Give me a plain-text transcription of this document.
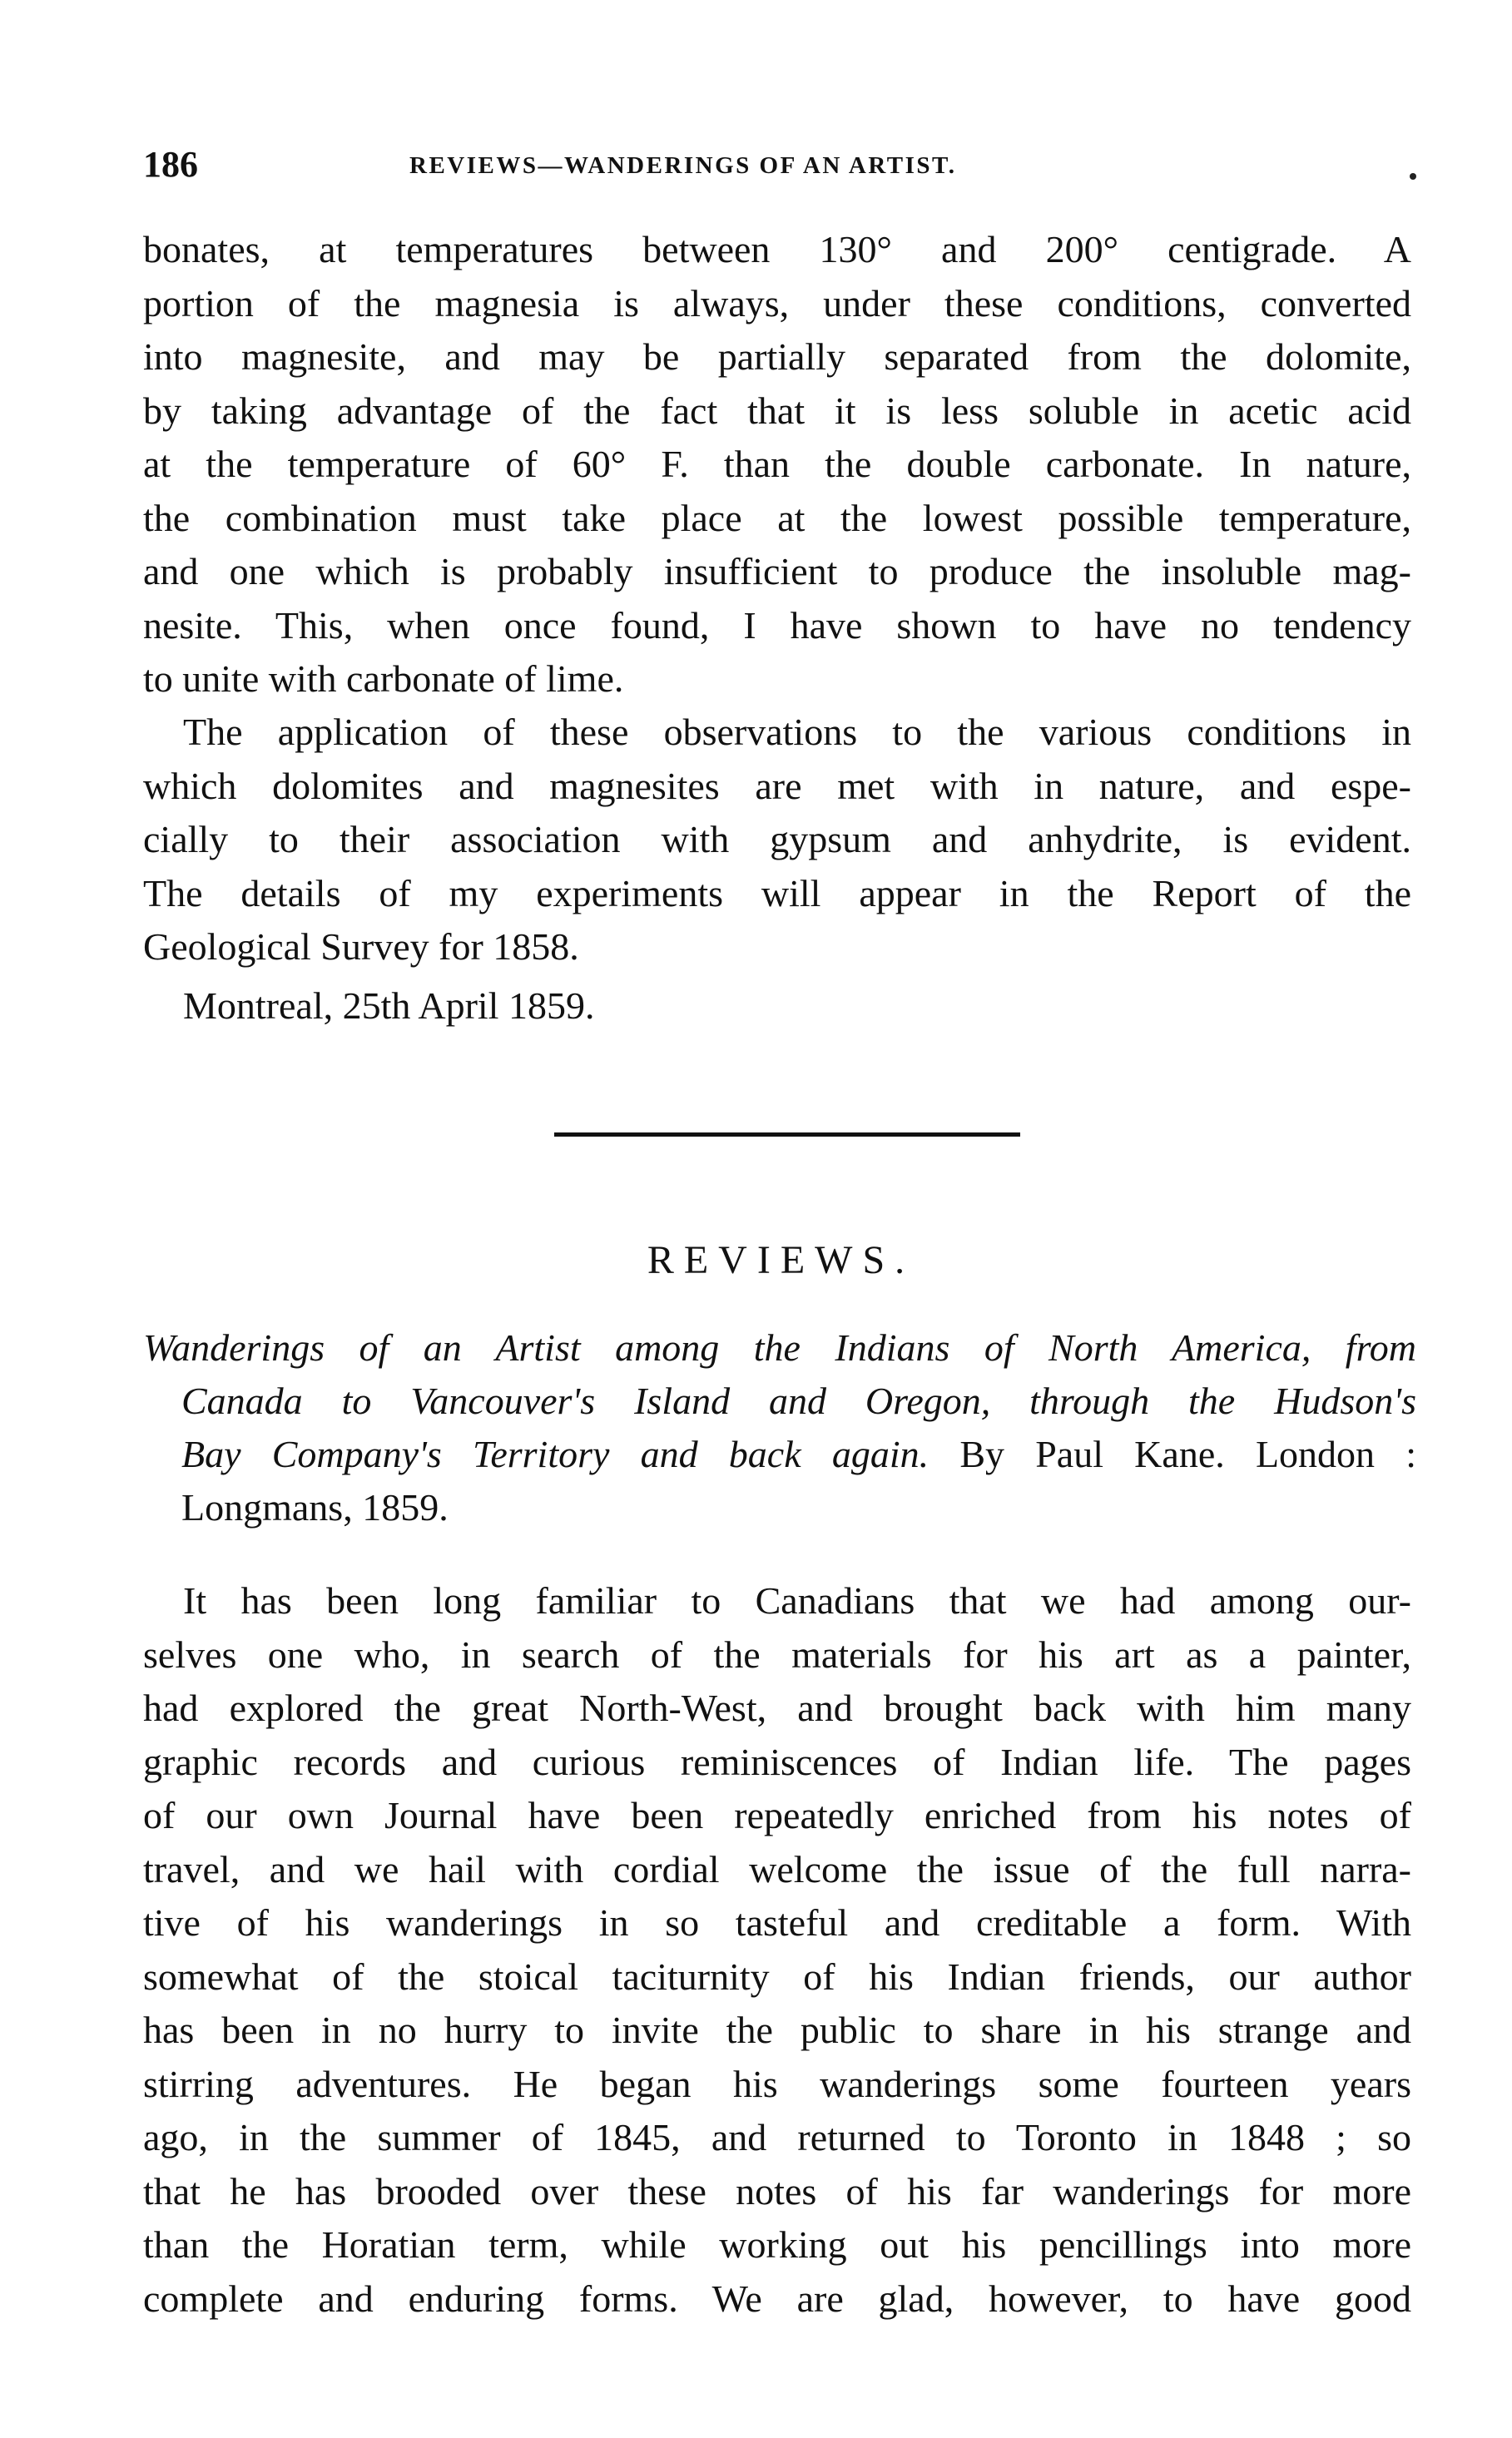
186	REVIEWS—WANDERINGS OF AN ARTIST.
bonates, at temperatures between 130° and 200° centigrade. A
portion of the magnesia is always, under these conditions, converted
into magnesite, and may be partially separated from the dolomite,
by taking advantage of the fact that it is less soluble in acetic acid
at the temperature of 60° F. than the double carbonate. In nature,
the combination must take place at the lowest possible temperature,
and one which is probably insufficient to produce the insoluble mag-
nesite. This, when once found, I have shown to have no tendency
to unite with carbonate of lime.
The application of these observations to the various conditions in
which dolomites and magnesites are met with in nature, and espe-
cially to their association with gypsum and anhydrite, is evident.
The details of my experiments will appear in the Report of the
Geological Survey for 1858.
Montreal, 25th April 1859.
REVIEWS.
Wanderings of an Artist among the Indians of North America, from
Canada to Vancouver's Island and Oregon, through the Hudson's
Bay Company's Territory and back again. By Paul Kane. London :
Longmans, 1859.
It has been long familiar to Canadians that we had among our-
selves one who, in search of the materials for his art as a painter,
had explored the great North-West, and brought back with him many
graphic records and curious reminiscences of Indian life. The pages
of our own Journal have been repeatedly enriched from his notes of
travel, and we hail with cordial welcome the issue of the full narra-
tive of his wanderings in so tasteful and creditable a form. With
somewhat of the stoical taciturnity of his Indian friends, our author
has been in no hurry to invite the public to share in his strange and
stirring adventures. He began his wanderings some fourteen years
ago, in the summer of 1845, and returned to Toronto in 1848 ; so
that he has brooded over these notes of his far wanderings for more
than the Horatian term, while working out his pencillings into more
complete and enduring forms. We are glad, however, to have good
